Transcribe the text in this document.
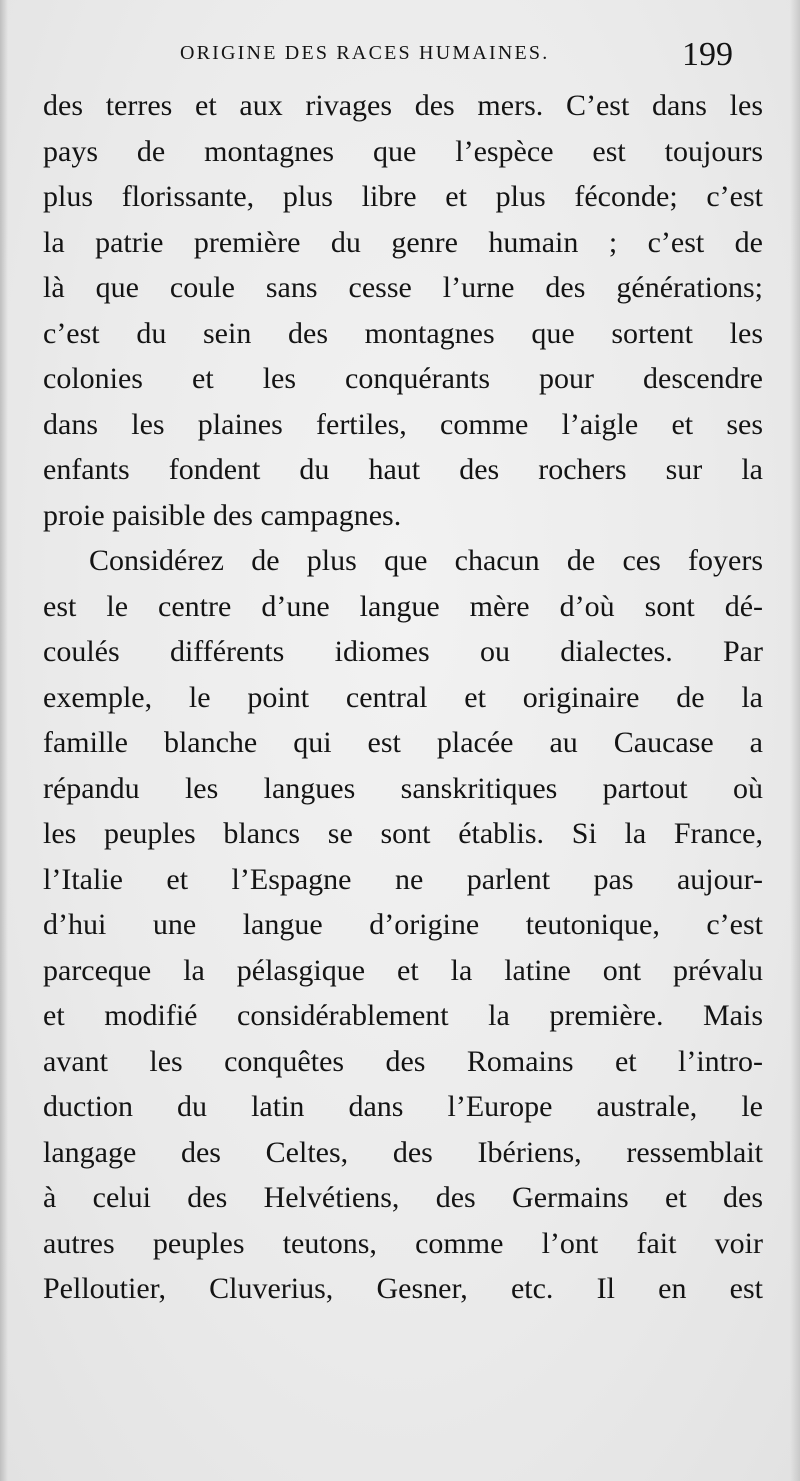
ORIGINE DES RACES HUMAINES.	199
des terres et aux rivages des mers. C’est dans les
pays de montagnes que l’espèce est toujours
plus florissante, plus libre et plus féconde; c’est
la patrie première du genre humain ; c’est de
là que coule sans cesse l’urne des générations;
c’est du sein des montagnes que sortent les
colonies et les conquérants pour descendre
dans les plaines fertiles, comme l’aigle et ses
enfants fondent du haut des rochers sur la
proie paisible des campagnes.
Considérez de plus que chacun de ces foyers
est le centre d’une langue mère d’où sont dé-
coulés différents idiomes ou dialectes. Par
exemple, le point central et originaire de la
famille blanche qui est placée au Caucase a
répandu les langues sanskritiques partout où
les peuples blancs se sont établis. Si la France,
l’Italie et l’Espagne ne parlent pas aujour-
d’hui une langue d’origine teutonique, c’est
parceque la pélasgique et la latine ont prévalu
et modifié considérablement la première. Mais
avant les conquêtes des Romains et l’intro-
duction du latin dans l’Europe australe, le
langage des Celtes, des Ibériens, ressemblait
à celui des Helvétiens, des Germains et des
autres peuples teutons, comme l’ont fait voir
Pelloutier, Cluverius, Gesner, etc. Il en est
